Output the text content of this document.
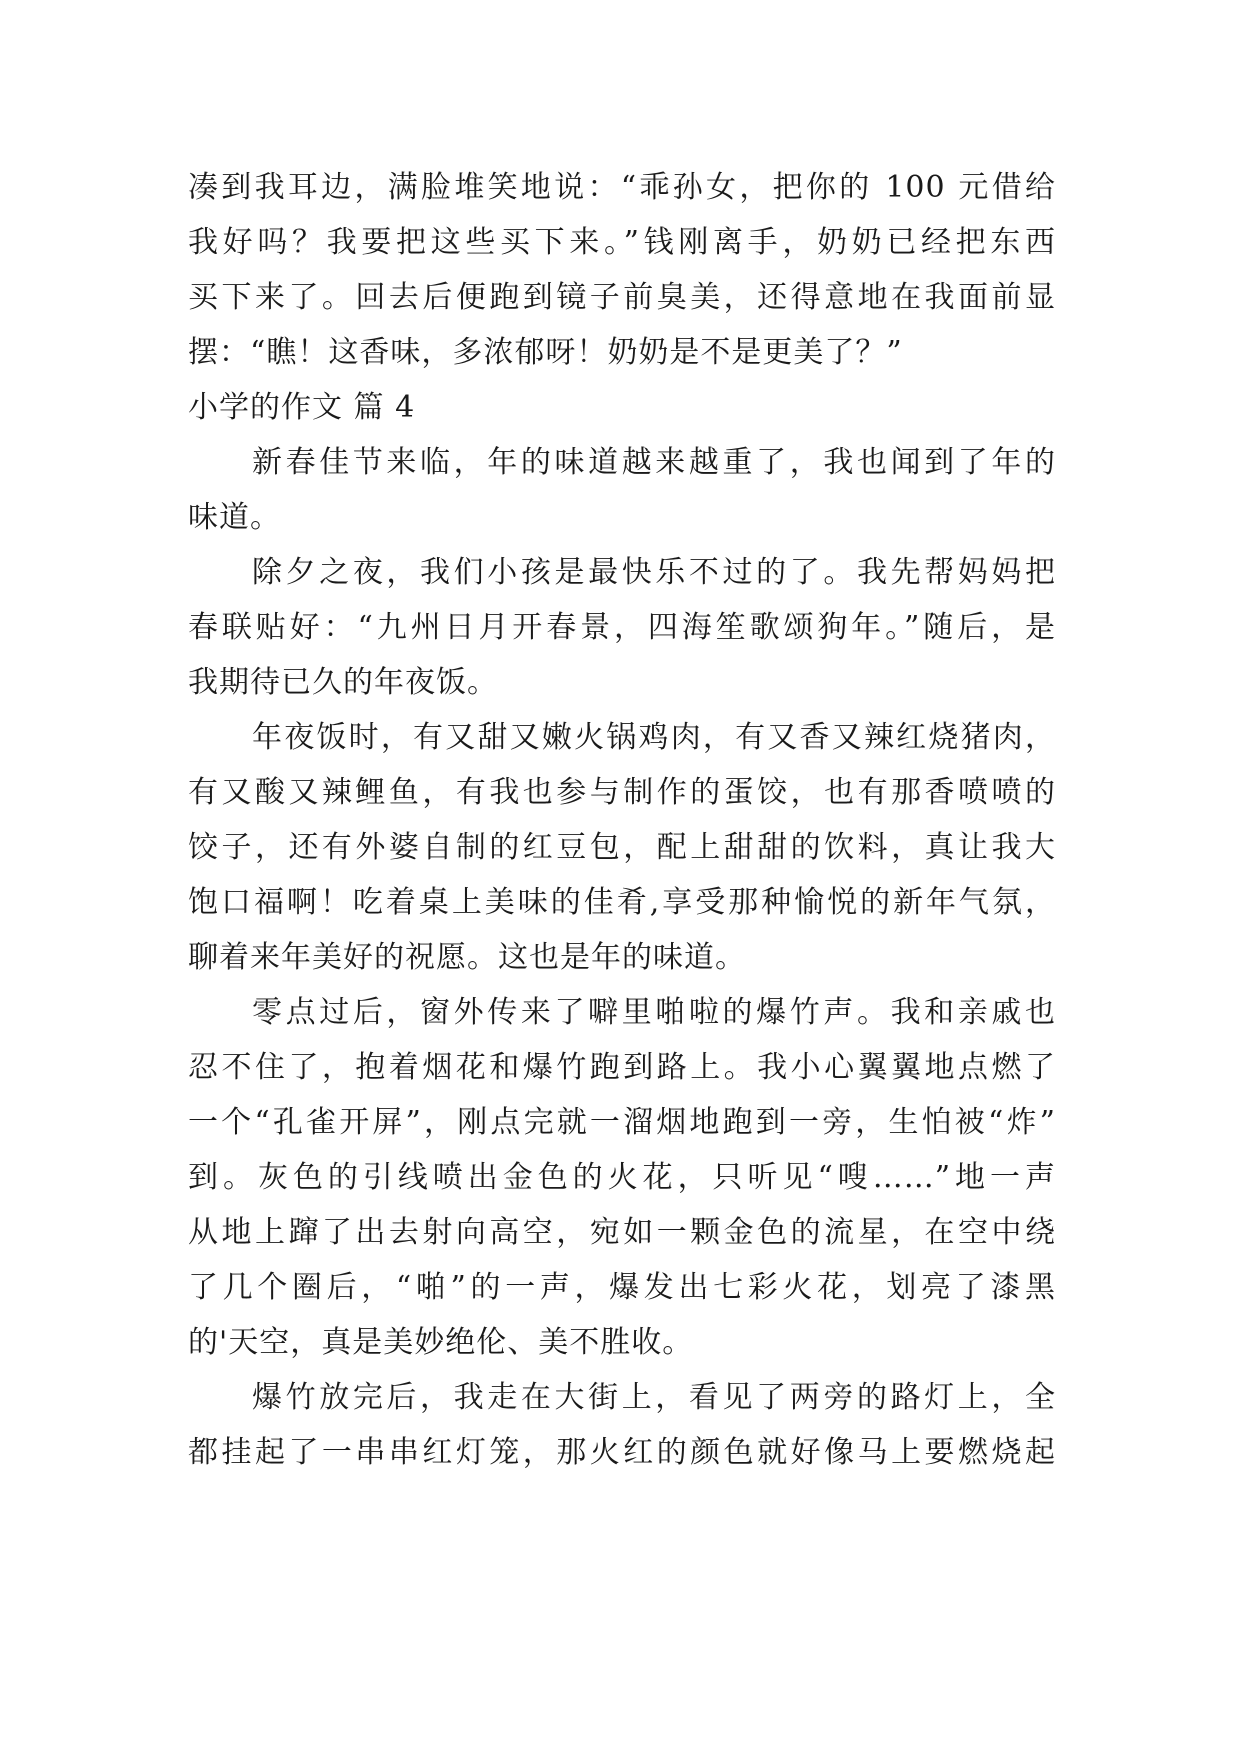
凑到我耳边，满脸堆笑地说：“乖孙女，把你的 100 元借给
我好吗？我要把这些买下来。”钱刚离手，奶奶已经把东西
买下来了。回去后便跑到镜子前臭美，还得意地在我面前显
摆：“瞧！这香味，多浓郁呀！奶奶是不是更美了？”
小学的作文 篇 4
新春佳节来临，年的味道越来越重了，我也闻到了年的
味道。
除夕之夜，我们小孩是最快乐不过的了。我先帮妈妈把
春联贴好：“九州日月开春景，四海笙歌颂狗年。”随后，是
我期待已久的年夜饭。
年夜饭时，有又甜又嫩火锅鸡肉，有又香又辣红烧猪肉，
有又酸又辣鲤鱼，有我也参与制作的蛋饺，也有那香喷喷的
饺子，还有外婆自制的红豆包，配上甜甜的饮料，真让我大
饱口福啊！吃着桌上美味的佳肴,享受那种愉悦的新年气氛，
聊着来年美好的祝愿。这也是年的味道。
零点过后，窗外传来了噼里啪啦的爆竹声。我和亲戚也
忍不住了，抱着烟花和爆竹跑到路上。我小心翼翼地点燃了
一个“孔雀开屏”，刚点完就一溜烟地跑到一旁，生怕被“炸”
到。灰色的引线喷出金色的火花，只听见“嗖……”地一声
从地上蹿了出去射向高空，宛如一颗金色的流星，在空中绕
了几个圈后，“啪”的一声，爆发出七彩火花，划亮了漆黑
的'天空，真是美妙绝伦、美不胜收。
爆竹放完后，我走在大街上，看见了两旁的路灯上，全
都挂起了一串串红灯笼，那火红的颜色就好像马上要燃烧起
